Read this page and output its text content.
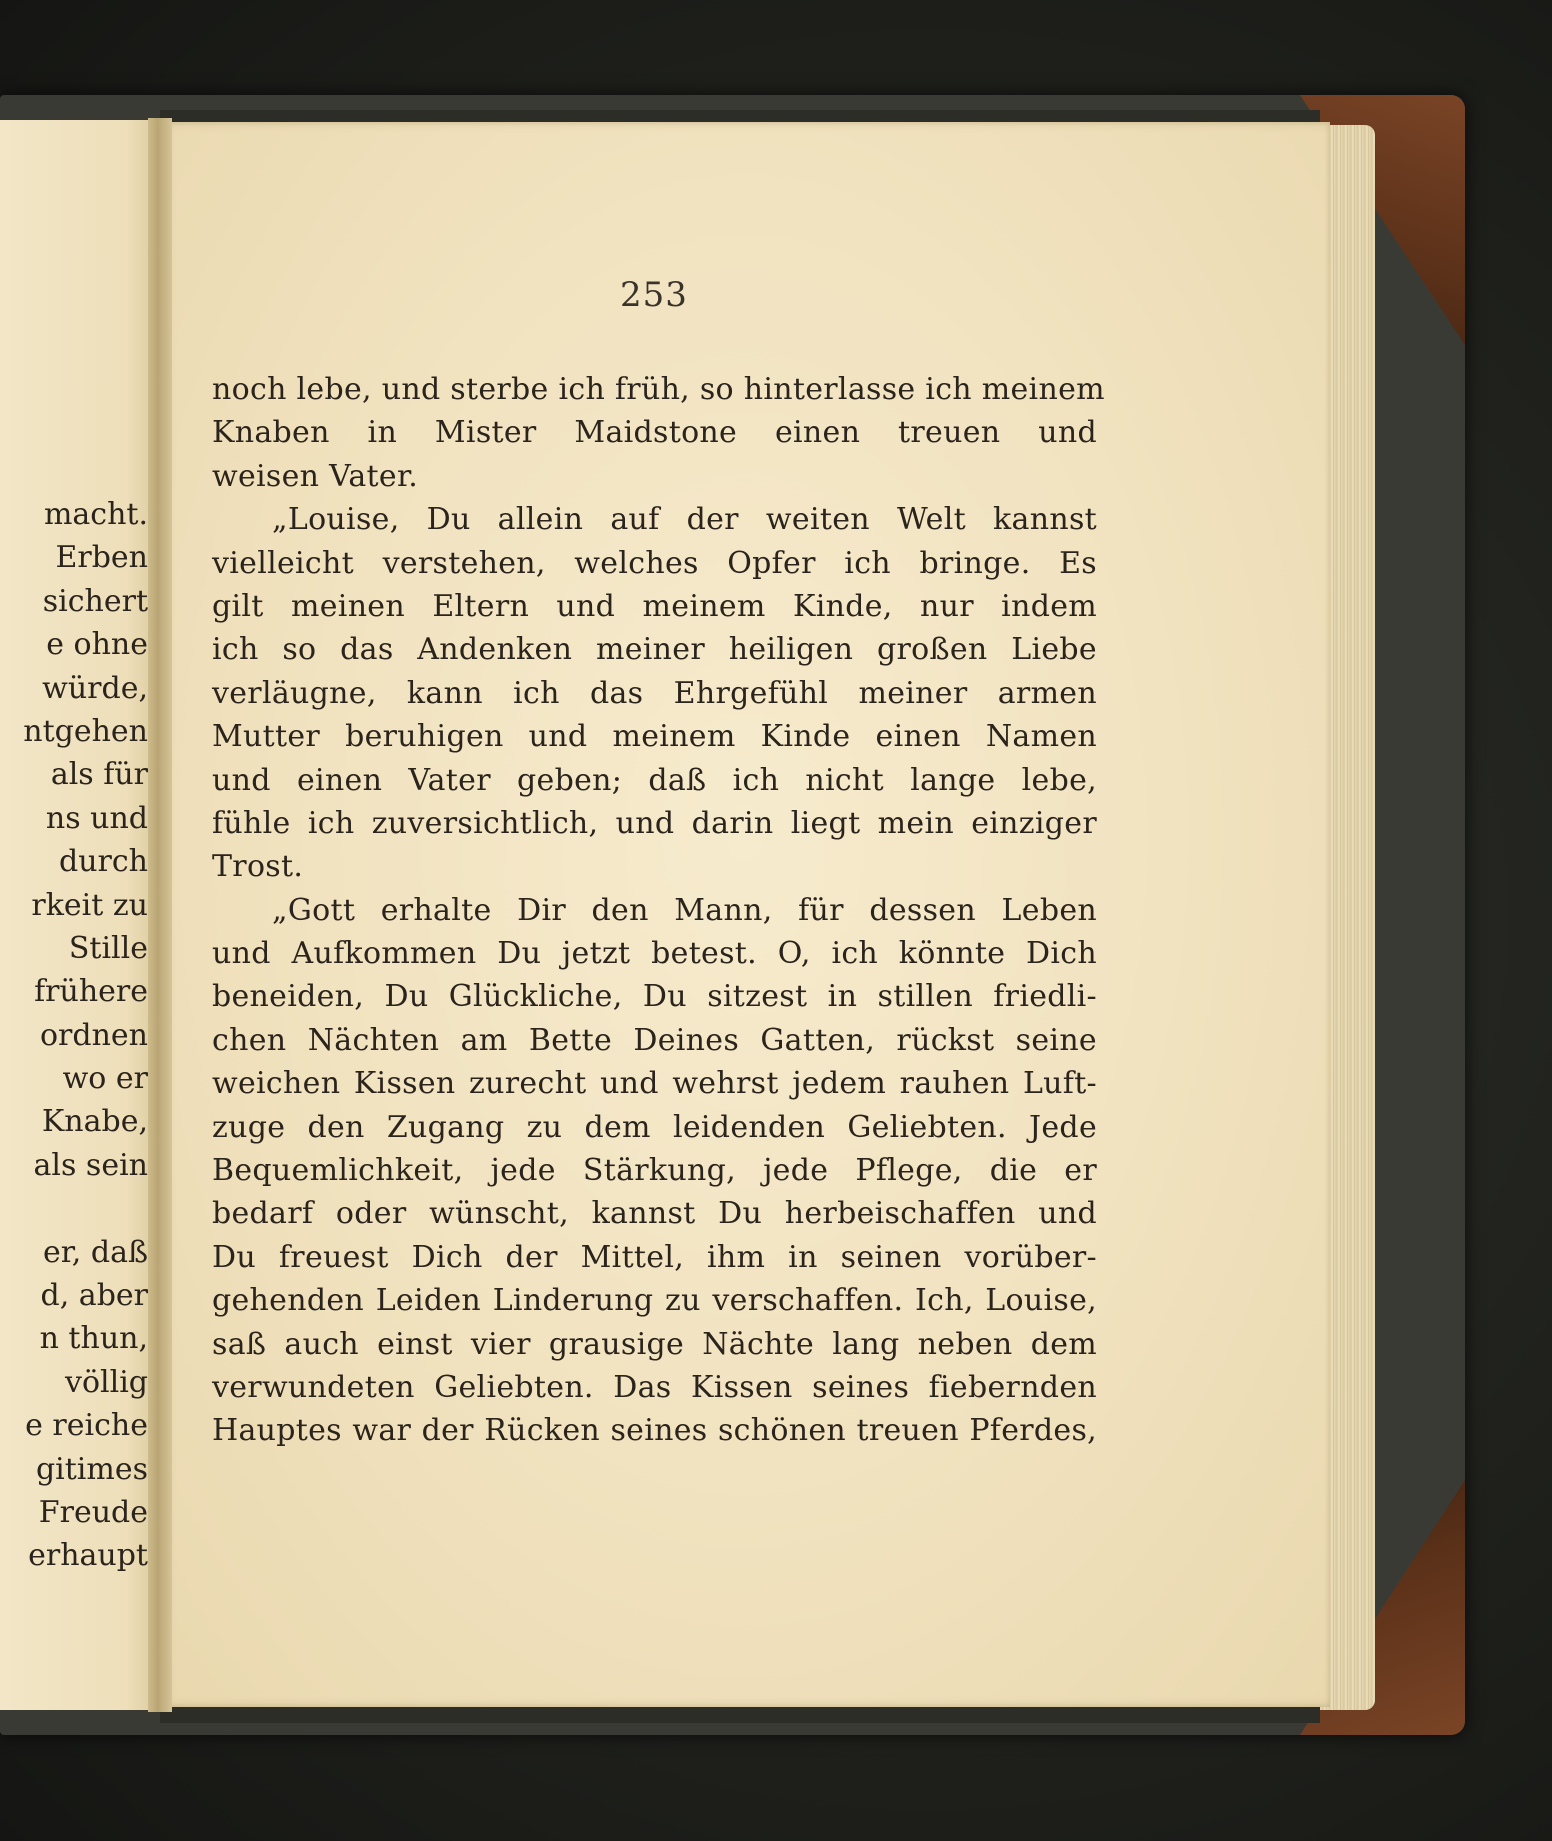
macht.
Erben
sichert
e ohne
würde,
ntgehen
als für
ns und
durch
rkeit zu
Stille
frühere
ordnen
wo er
Knabe,
als sein
er, daß
d, aber
n thun,
völlig
e reiche
gitimes
Freude
erhaupt
253
noch lebe, und sterbe ich früh, so hinterlasse ich meinem
Knaben in Mister Maidstone einen treuen und
weisen Vater.
„Louise, Du allein auf der weiten Welt kannst
vielleicht verstehen, welches Opfer ich bringe. Es
gilt meinen Eltern und meinem Kinde, nur indem
ich so das Andenken meiner heiligen großen Liebe
verläugne, kann ich das Ehrgefühl meiner armen
Mutter beruhigen und meinem Kinde einen Namen
und einen Vater geben; daß ich nicht lange lebe,
fühle ich zuversichtlich, und darin liegt mein einziger
Trost.
„Gott erhalte Dir den Mann, für dessen Leben
und Aufkommen Du jetzt betest. O, ich könnte Dich
beneiden, Du Glückliche, Du sitzest in stillen friedli-
chen Nächten am Bette Deines Gatten, rückst seine
weichen Kissen zurecht und wehrst jedem rauhen Luft-
zuge den Zugang zu dem leidenden Geliebten. Jede
Bequemlichkeit, jede Stärkung, jede Pflege, die er
bedarf oder wünscht, kannst Du herbeischaffen und
Du freuest Dich der Mittel, ihm in seinen vorüber-
gehenden Leiden Linderung zu verschaffen. Ich, Louise,
saß auch einst vier grausige Nächte lang neben dem
verwundeten Geliebten. Das Kissen seines fiebernden
Hauptes war der Rücken seines schönen treuen Pferdes,
